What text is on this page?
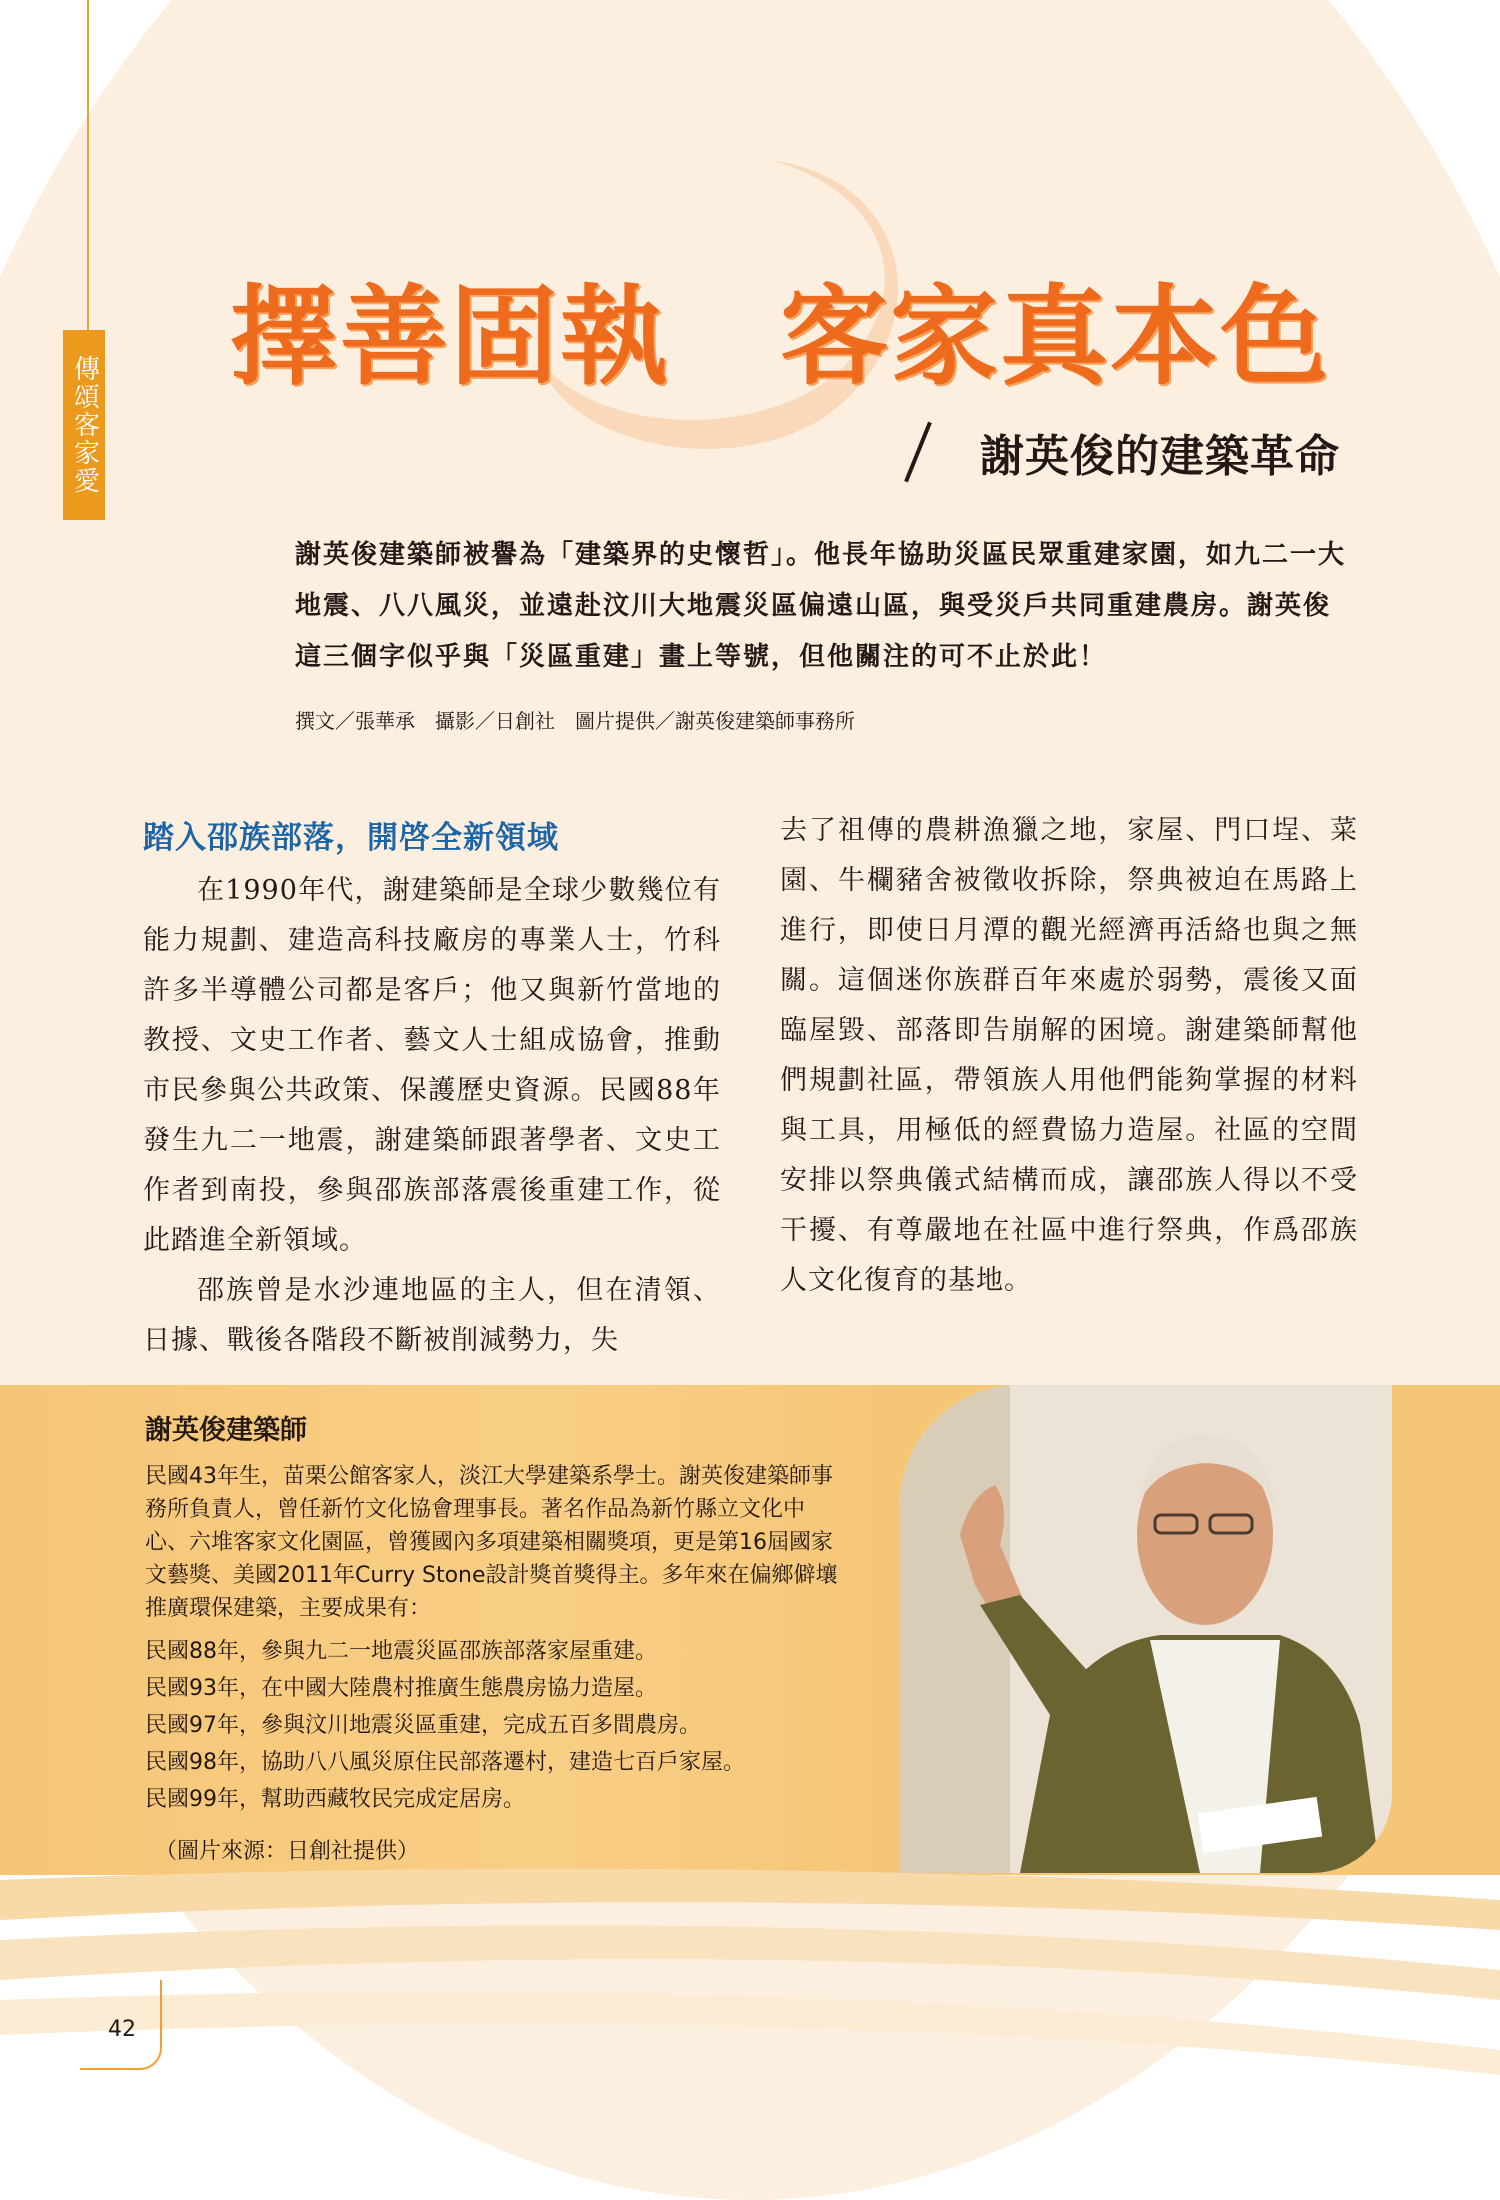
傳頌客家愛
擇善固執　客家真本色
謝英俊的建築革命
謝英俊建築師被譽為「建築界的史懷哲」。他長年協助災區民眾重建家園，如九二一大地震、八八風災，並遠赴汶川大地震災區偏遠山區，與受災戶共同重建農房。謝英俊這三個字似乎與「災區重建」畫上等號，但他關注的可不止於此！
撰文／張華承　攝影／日創社　圖片提供／謝英俊建築師事務所
踏入邵族部落，開啓全新領域

在1990年代，謝建築師是全球少數幾位有能力規劃、建造高科技廠房的專業人士，竹科許多半導體公司都是客戶；他又與新竹當地的教授、文史工作者、藝文人士組成協會，推動市民參與公共政策、保護歷史資源。民國88年發生九二一地震，謝建築師跟著學者、文史工作者到南投，參與邵族部落震後重建工作，從此踏進全新領域。

邵族曾是水沙連地區的主人，但在清領、日據、戰後各階段不斷被削減勢力，失

去了祖傳的農耕漁獵之地，家屋、門口埕、菜園、牛欄豬舍被徵收拆除，祭典被迫在馬路上進行，即使日月潭的觀光經濟再活絡也與之無關。這個迷你族群百年來處於弱勢，震後又面臨屋毀、部落即告崩解的困境。謝建築師幫他們規劃社區，帶領族人用他們能夠掌握的材料與工具，用極低的經費協力造屋。社區的空間安排以祭典儀式結構而成，讓邵族人得以不受干擾、有尊嚴地在社區中進行祭典，作爲邵族人文化復育的基地。

謝英俊建築師

民國43年生，苗栗公館客家人，淡江大學建築系學士。謝英俊建築師事務所負責人，曾任新竹文化協會理事長。著名作品為新竹縣立文化中心、六堆客家文化園區，曾獲國內多項建築相關獎項，更是第16屆國家文藝獎、美國2011年Curry Stone設計獎首獎得主。多年來在偏鄉僻壤推廣環保建築，主要成果有：

民國88年，參與九二一地震災區邵族部落家屋重建。
民國93年，在中國大陸農村推廣生態農房協力造屋。
民國97年，參與汶川地震災區重建，完成五百多間農房。
民國98年，協助八八風災原住民部落遷村，建造七百戶家屋。
民國99年，幫助西藏牧民完成定居房。
（圖片來源：日創社提供）
42
